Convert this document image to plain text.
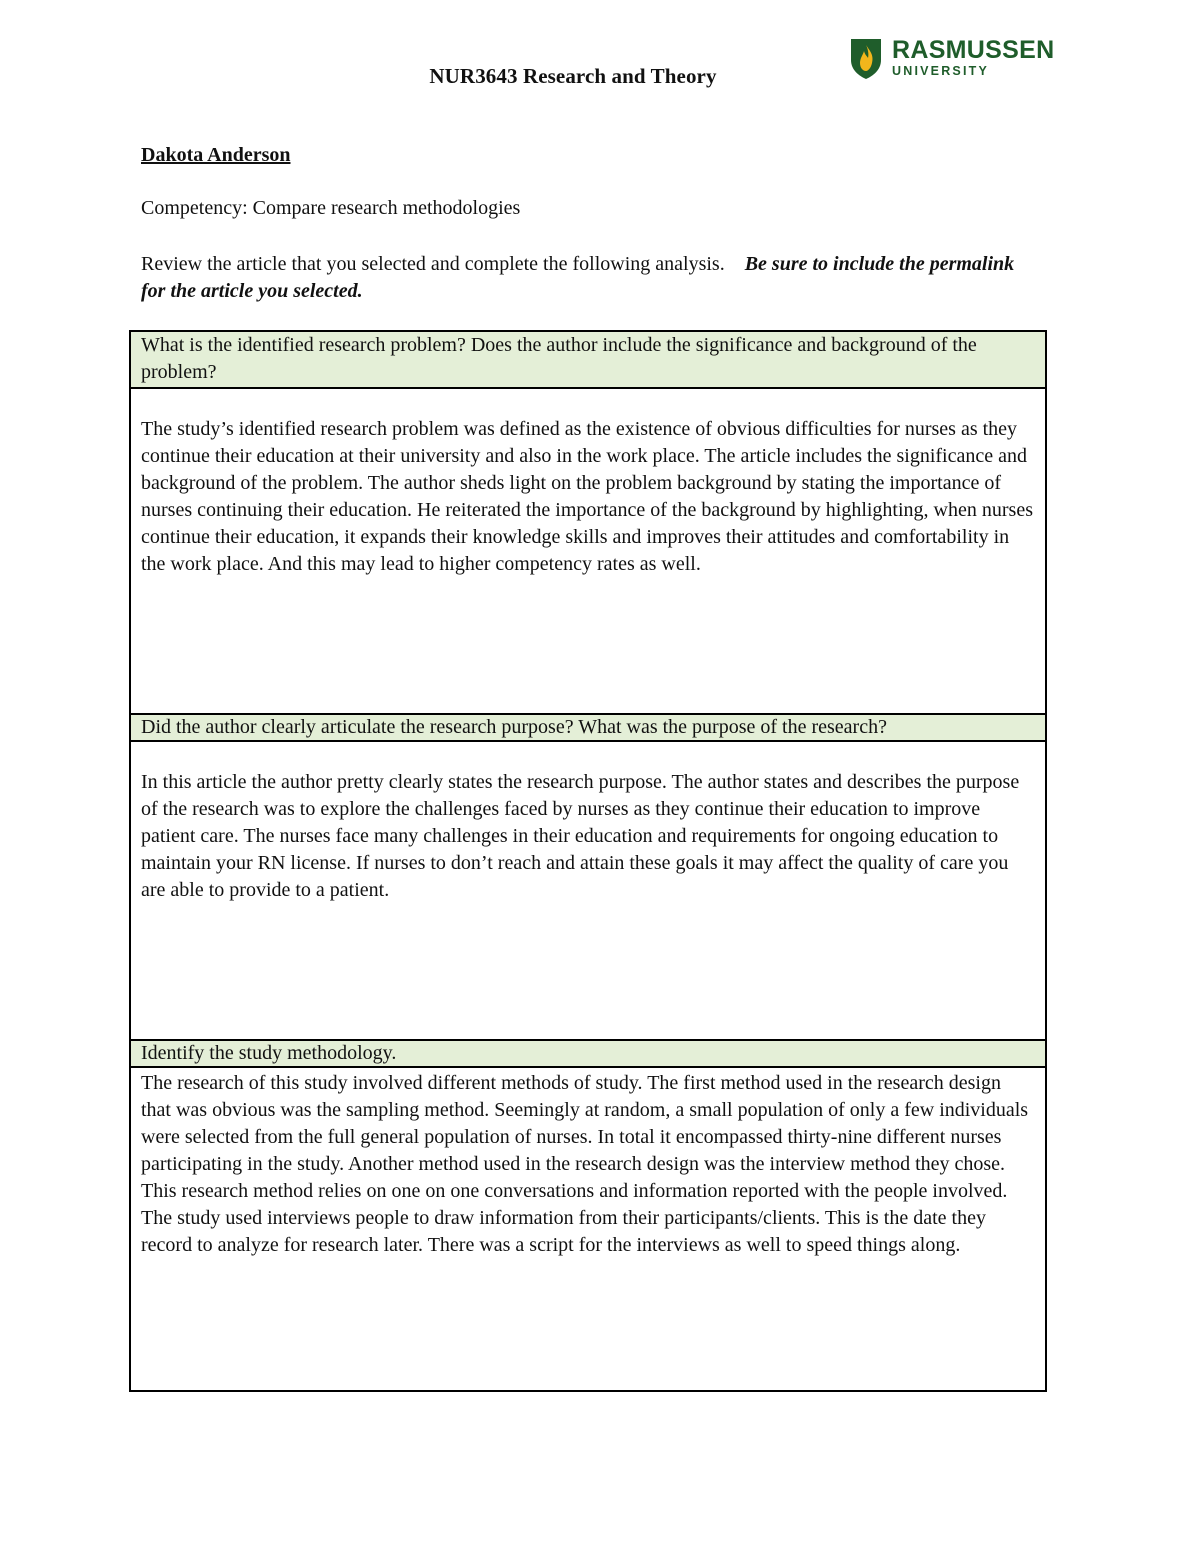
NUR3643 Research and Theory
RASMUSSEN
UNIVERSITY
Dakota Anderson
Competency: Compare research methodologies
Review the article that you selected and complete the following analysis. Be sure to include the permalink for the article you selected.
What is the identified research problem? Does the author include the significance and background of the problem?
The study’s identified research problem was defined as the existence of obvious difficulties for nurses as they continue their education at their university and also in the work place. The article includes the significance and background of the problem. The author sheds light on the problem background by stating the importance of nurses continuing their education. He reiterated the importance of the background by highlighting, when nurses continue their education, it expands their knowledge skills and improves their attitudes and comfortability in the work place. And this may lead to higher competency rates as well.
Did the author clearly articulate the research purpose? What was the purpose of the research?
In this article the author pretty clearly states the research purpose. The author states and describes the purpose of the research was to explore the challenges faced by nurses as they continue their education to improve patient care. The nurses face many challenges in their education and requirements for ongoing education to maintain your RN license. If nurses to don’t reach and attain these goals it may affect the quality of care you are able to provide to a patient.
Identify the study methodology.
The research of this study involved different methods of study. The first method used in the research design that was obvious was the sampling method. Seemingly at random, a small population of only a few individuals were selected from the full general population of nurses. In total it encompassed thirty-nine different nurses participating in the study. Another method used in the research design was the interview method they chose. This research method relies on one on one conversations and information reported with the people involved. The study used interviews people to draw information from their participants/clients. This is the date they record to analyze for research later. There was a script for the interviews as well to speed things along.
